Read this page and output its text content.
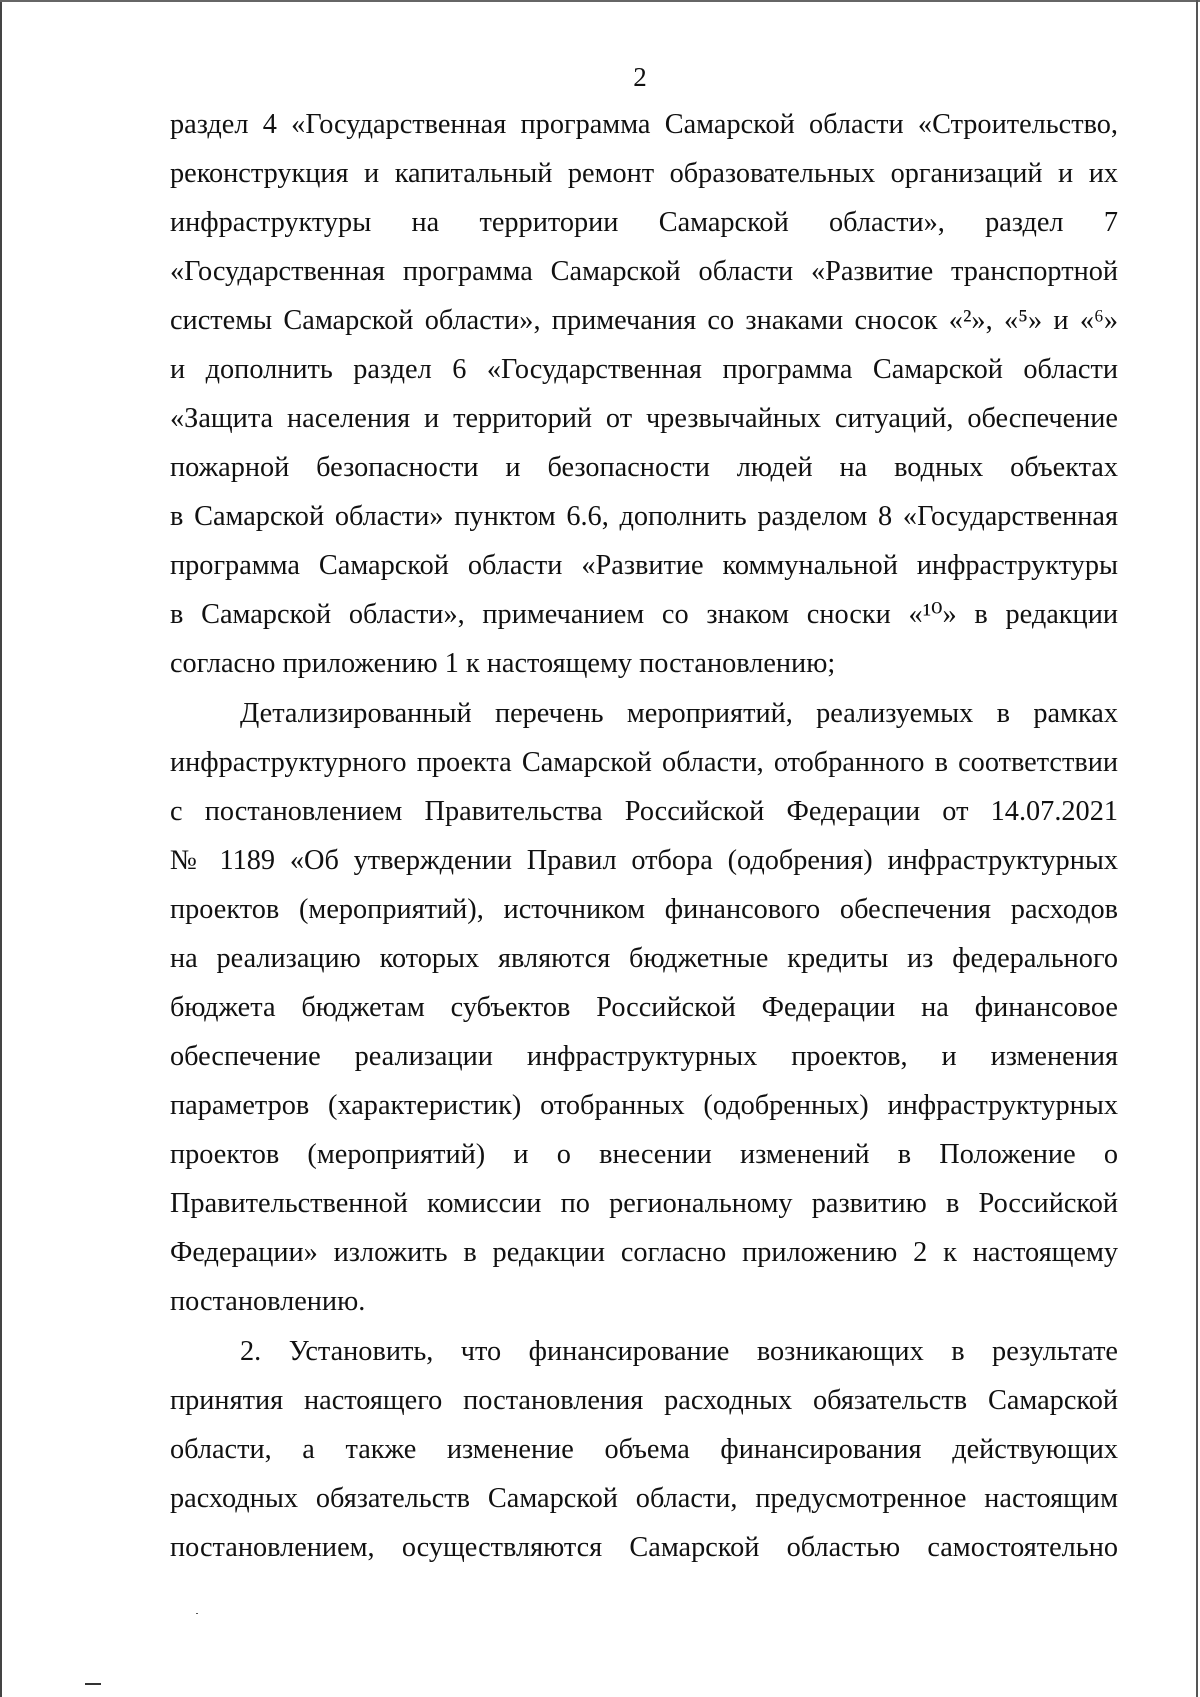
2
раздел 4 «Государственная программа Самарской области «Строительство,
реконструкция и капитальный ремонт образовательных организаций и их
инфраструктуры на территории Самарской области», раздел 7
«Государственная программа Самарской области «Развитие транспортной
системы Самарской области», примечания со знаками сносок «²», «⁵» и «⁶»
и дополнить раздел 6 «Государственная программа Самарской области
«Защита населения и территорий от чрезвычайных ситуаций, обеспечение
пожарной безопасности и безопасности людей на водных объектах
в Самарской области» пунктом 6.6, дополнить разделом 8 «Государственная
программа Самарской области «Развитие коммунальной инфраструктуры
в Самарской области», примечанием со знаком сноски «¹⁰» в редакции
согласно приложению 1 к настоящему постановлению;
Детализированный перечень мероприятий, реализуемых в рамках
инфраструктурного проекта Самарской области, отобранного в соответствии
с постановлением Правительства Российской Федерации от 14.07.2021
№ 1189 «Об утверждении Правил отбора (одобрения) инфраструктурных
проектов (мероприятий), источником финансового обеспечения расходов
на реализацию которых являются бюджетные кредиты из федерального
бюджета бюджетам субъектов Российской Федерации на финансовое
обеспечение реализации инфраструктурных проектов, и изменения
параметров (характеристик) отобранных (одобренных) инфраструктурных
проектов (мероприятий) и о внесении изменений в Положение о
Правительственной комиссии по региональному развитию в Российской
Федерации» изложить в редакции согласно приложению 2 к настоящему
постановлению.
2. Установить, что финансирование возникающих в результате
принятия настоящего постановления расходных обязательств Самарской
области, а также изменение объема финансирования действующих
расходных обязательств Самарской области, предусмотренное настоящим
постановлением, осуществляются Самарской областью самостоятельно
